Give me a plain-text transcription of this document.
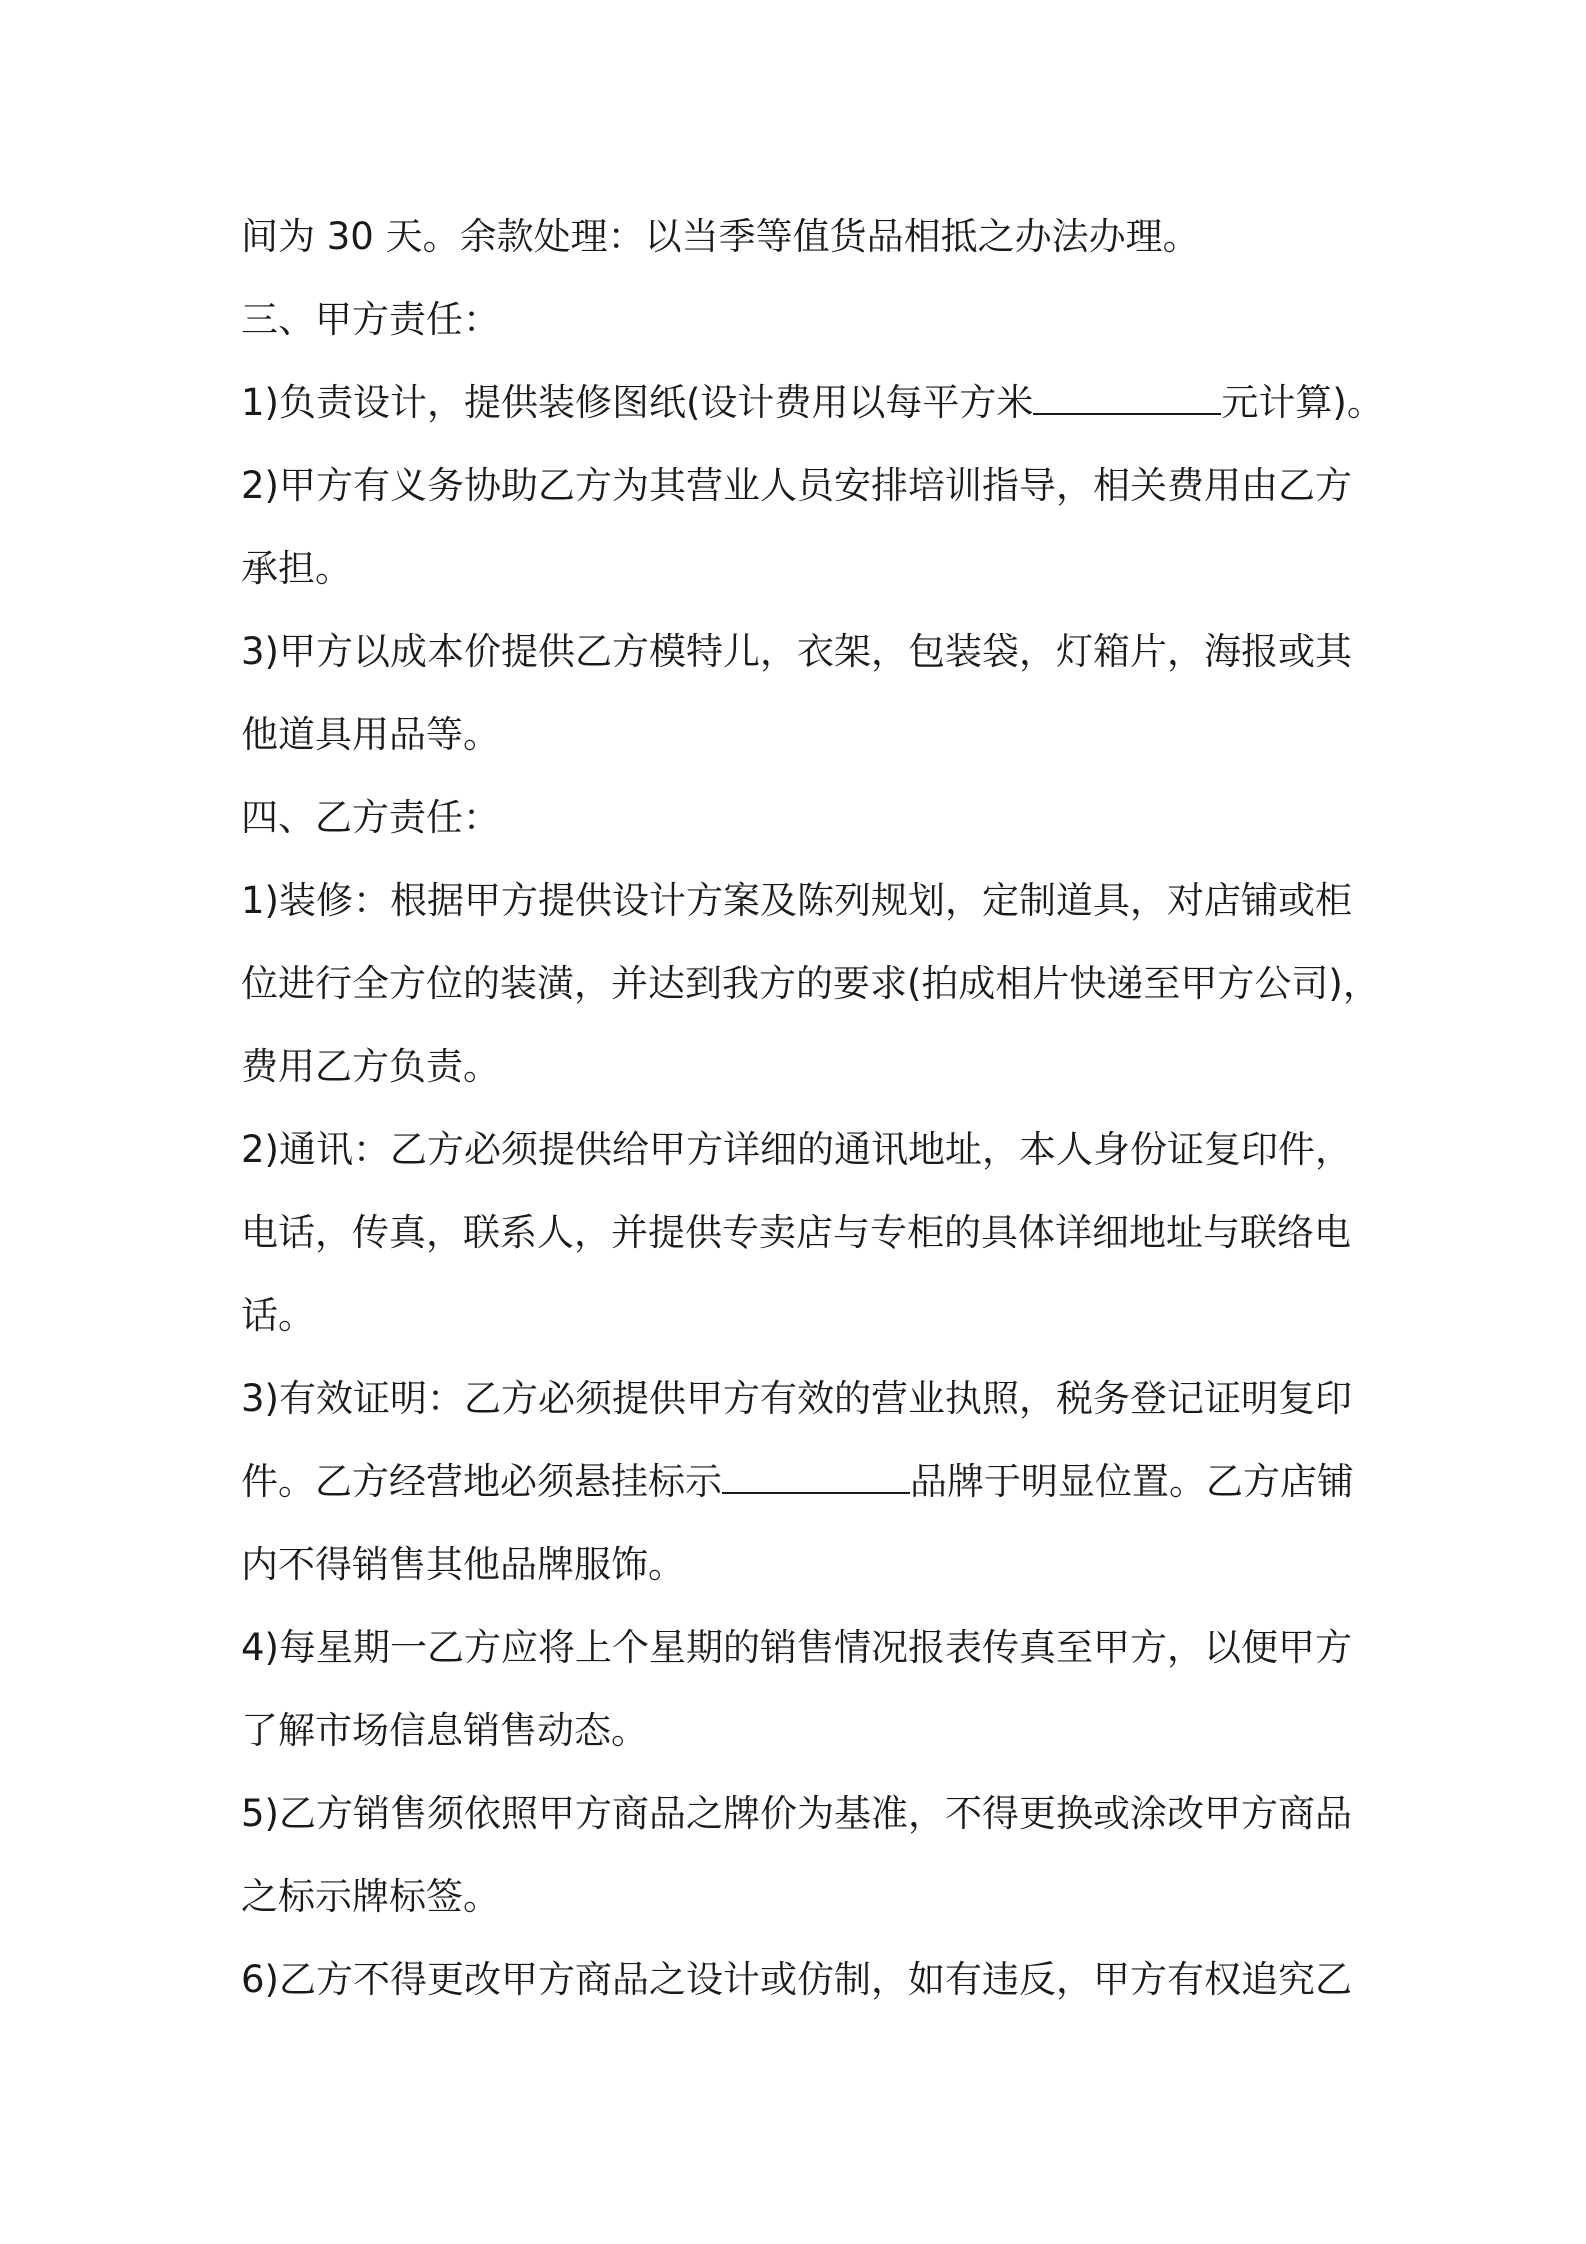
间为 30 天。余款处理：以当季等值货品相抵之办法办理。
三、甲方责任：
1)负责设计，提供装修图纸(设计费用以每平方米	元计算)。
2)甲方有义务协助乙方为其营业人员安排培训指导，相关费用由乙方
承担。
3)甲方以成本价提供乙方模特儿，衣架，包装袋，灯箱片，海报或其
他道具用品等。
四、乙方责任：
1)装修：根据甲方提供设计方案及陈列规划，定制道具，对店铺或柜
位进行全方位的装潢，并达到我方的要求(拍成相片快递至甲方公司)，
费用乙方负责。
2)通讯：乙方必须提供给甲方详细的通讯地址，本人身份证复印件，
电话，传真，联系人，并提供专卖店与专柜的具体详细地址与联络电
话。
3)有效证明：乙方必须提供甲方有效的营业执照，税务登记证明复印
件。乙方经营地必须悬挂标示	品牌于明显位置。乙方店铺
内不得销售其他品牌服饰。
4)每星期一乙方应将上个星期的销售情况报表传真至甲方，以便甲方
了解市场信息销售动态。
5)乙方销售须依照甲方商品之牌价为基准，不得更换或涂改甲方商品
之标示牌标签。
6)乙方不得更改甲方商品之设计或仿制，如有违反，甲方有权追究乙
